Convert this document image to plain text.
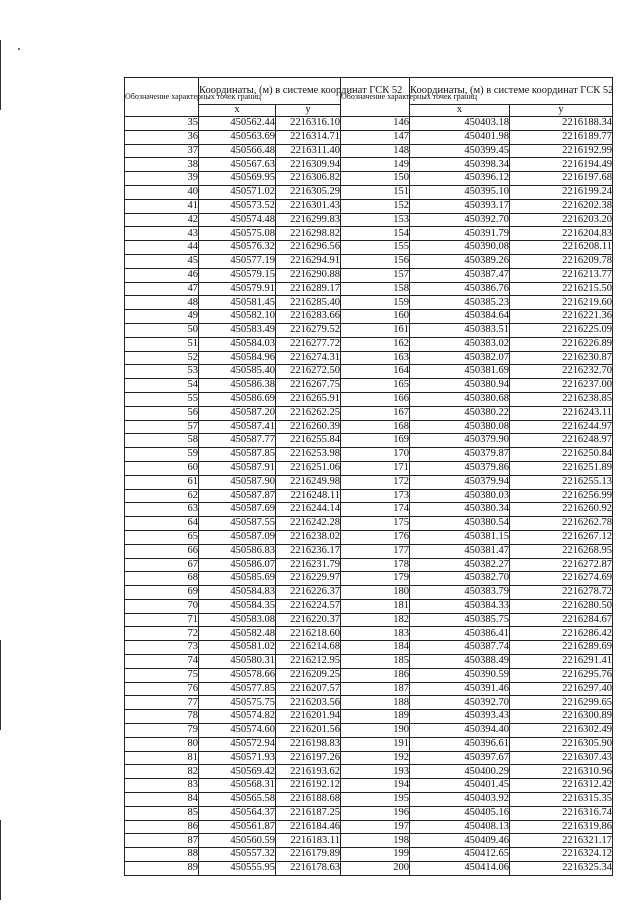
Обозначение характерных точек границ	Координаты, (м) в системе координат ГСК 52		Обозначение характерных точек границ	Координаты, (м) в системе координат ГСК 52	
	x	y		x	y
35	450562.44	2216316.10	146	450403.18	2216188.34
36	450563.69	2216314.71	147	450401.98	2216189.77
37	450566.48	2216311.40	148	450399.45	2216192.99
38	450567.63	2216309.94	149	450398.34	2216194.49
39	450569.95	2216306.82	150	450396.12	2216197.68
40	450571.02	2216305.29	151	450395.10	2216199.24
41	450573.52	2216301.43	152	450393.17	2216202.38
42	450574.48	2216299.83	153	450392.70	2216203.20
43	450575.08	2216298.82	154	450391.79	2216204.83
44	450576.32	2216296.56	155	450390.08	2216208.11
45	450577.19	2216294.91	156	450389.26	2216209.78
46	450579.15	2216290.88	157	450387.47	2216213.77
47	450579.91	2216289.17	158	450386.76	2216215.50
48	450581.45	2216285.40	159	450385.23	2216219.60
49	450582.10	2216283.66	160	450384.64	2216221.36
50	450583.49	2216279.52	161	450383.51	2216225.09
51	450584.03	2216277.72	162	450383.02	2216226.89
52	450584.96	2216274.31	163	450382.07	2216230.87
53	450585.40	2216272.50	164	450381.69	2216232.70
54	450586.38	2216267.75	165	450380.94	2216237.00
55	450586.69	2216265.91	166	450380.68	2216238.85
56	450587.20	2216262.25	167	450380.22	2216243.11
57	450587.41	2216260.39	168	450380.08	2216244.97
58	450587.77	2216255.84	169	450379.90	2216248.97
59	450587.85	2216253.98	170	450379.87	2216250.84
60	450587.91	2216251.06	171	450379.86	2216251.89
61	450587.90	2216249.98	172	450379.94	2216255.13
62	450587.87	2216248.11	173	450380.03	2216256.99
63	450587.69	2216244.14	174	450380.34	2216260.92
64	450587.55	2216242.28	175	450380.54	2216262.78
65	450587.09	2216238.02	176	450381.15	2216267.12
66	450586.83	2216236.17	177	450381.47	2216268.95
67	450586.07	2216231.79	178	450382.27	2216272.87
68	450585.69	2216229.97	179	450382.70	2216274.69
69	450584.83	2216226.37	180	450383.79	2216278.72
70	450584.35	2216224.57	181	450384.33	2216280.50
71	450583.08	2216220.37	182	450385.75	2216284.67
72	450582.48	2216218.60	183	450386.41	2216286.42
73	450581.02	2216214.68	184	450387.74	2216289.69
74	450580.31	2216212.95	185	450388.49	2216291.41
75	450578.66	2216209.25	186	450390.59	2216295.76
76	450577.85	2216207.57	187	450391.46	2216297.40
77	450575.75	2216203.56	188	450392.70	2216299.65
78	450574.82	2216201.94	189	450393.43	2216300.89
79	450574.60	2216201.56	190	450394.40	2216302.49
80	450572.94	2216198.83	191	450396.61	2216305.90
81	450571.93	2216197.26	192	450397.67	2216307.43
82	450569.42	2216193.62	193	450400.29	2216310.96
83	450568.31	2216192.12	194	450401.45	2216312.42
84	450565.58	2216188.68	195	450403.92	2216315.35
85	450564.37	2216187.25	196	450405.16	2216316.74
86	450561.87	2216184.46	197	450408.13	2216319.86
87	450560.59	2216183.11	198	450409.46	2216321.17
88	450557.32	2216179.89	199	450412.65	2216324.12
89	450555.95	2216178.63	200	450414.06	2216325.34
